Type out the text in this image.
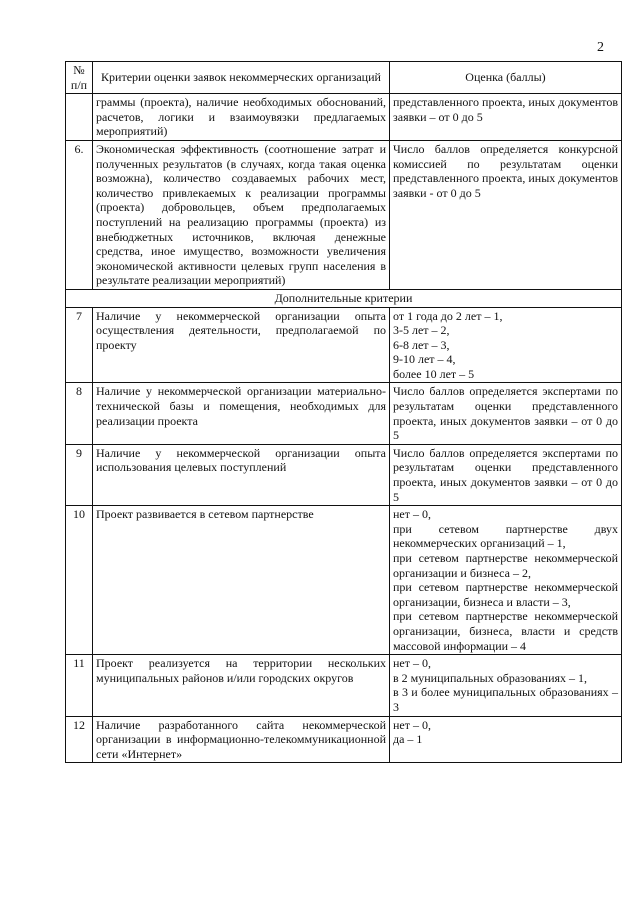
2
№ п/п	Критерии оценки заявок некоммерческих организаций	Оценка (баллы)
	граммы (проекта), наличие необходимых обоснований, расчетов, логики и взаимоувязки предлагаемых мероприятий)	представленного проекта, иных документов заявки – от 0 до 5
6.	Экономическая эффективность (соотношение затрат и полученных результатов (в случаях, когда такая оценка возможна), количество создаваемых рабочих мест, количество привлекаемых к реализации программы (проекта) добровольцев, объем предполагаемых поступлений на реализацию программы (проекта) из внебюджетных источников, включая денежные средства, иное имущество, возможности увеличения экономической активности целевых групп населения в результате реализации мероприятий)	Число баллов определяется конкурсной комиссией по результатам оценки представленного проекта, иных документов заявки - от 0 до 5

Дополнительные критерии		
7	Наличие у некоммерческой организации опыта осуществления деятельности, предполагаемой по проекту	от 1 года до 2 лет – 1,
3-5 лет – 2,
6-8 лет – 3,
9-10 лет – 4,
более 10 лет – 5

8	Наличие у некоммерческой организации материально-технической базы и помещения, необходимых для реализации проекта	Число баллов определяется экспертами по результатам оценки представленного проекта, иных документов заявки – от 0 до 5

9	Наличие у некоммерческой организации опыта использования целевых поступлений	Число баллов определяется экспертами по результатам оценки представленного проекта, иных документов заявки – от 0 до 5

10	Проект развивается в сетевом партнерстве	нет – 0,
при сетевом партнерстве двух некоммерческих организаций – 1,
при сетевом партнерстве некоммерческой организации и бизнеса – 2,
при сетевом партнерстве некоммерческой организации, бизнеса и власти – 3,
при сетевом партнерстве некоммерческой организации, бизнеса, власти и средств массовой информации – 4

11	Проект реализуется на территории нескольких муниципальных районов и/или городских округов	нет – 0,
в 2 муниципальных образованиях – 1,
в 3 и более муниципальных образованиях – 3

12	Наличие разработанного сайта некоммерческой организации в информационно-телекоммуникационной сети «Интернет»	нет – 0,
да – 1
